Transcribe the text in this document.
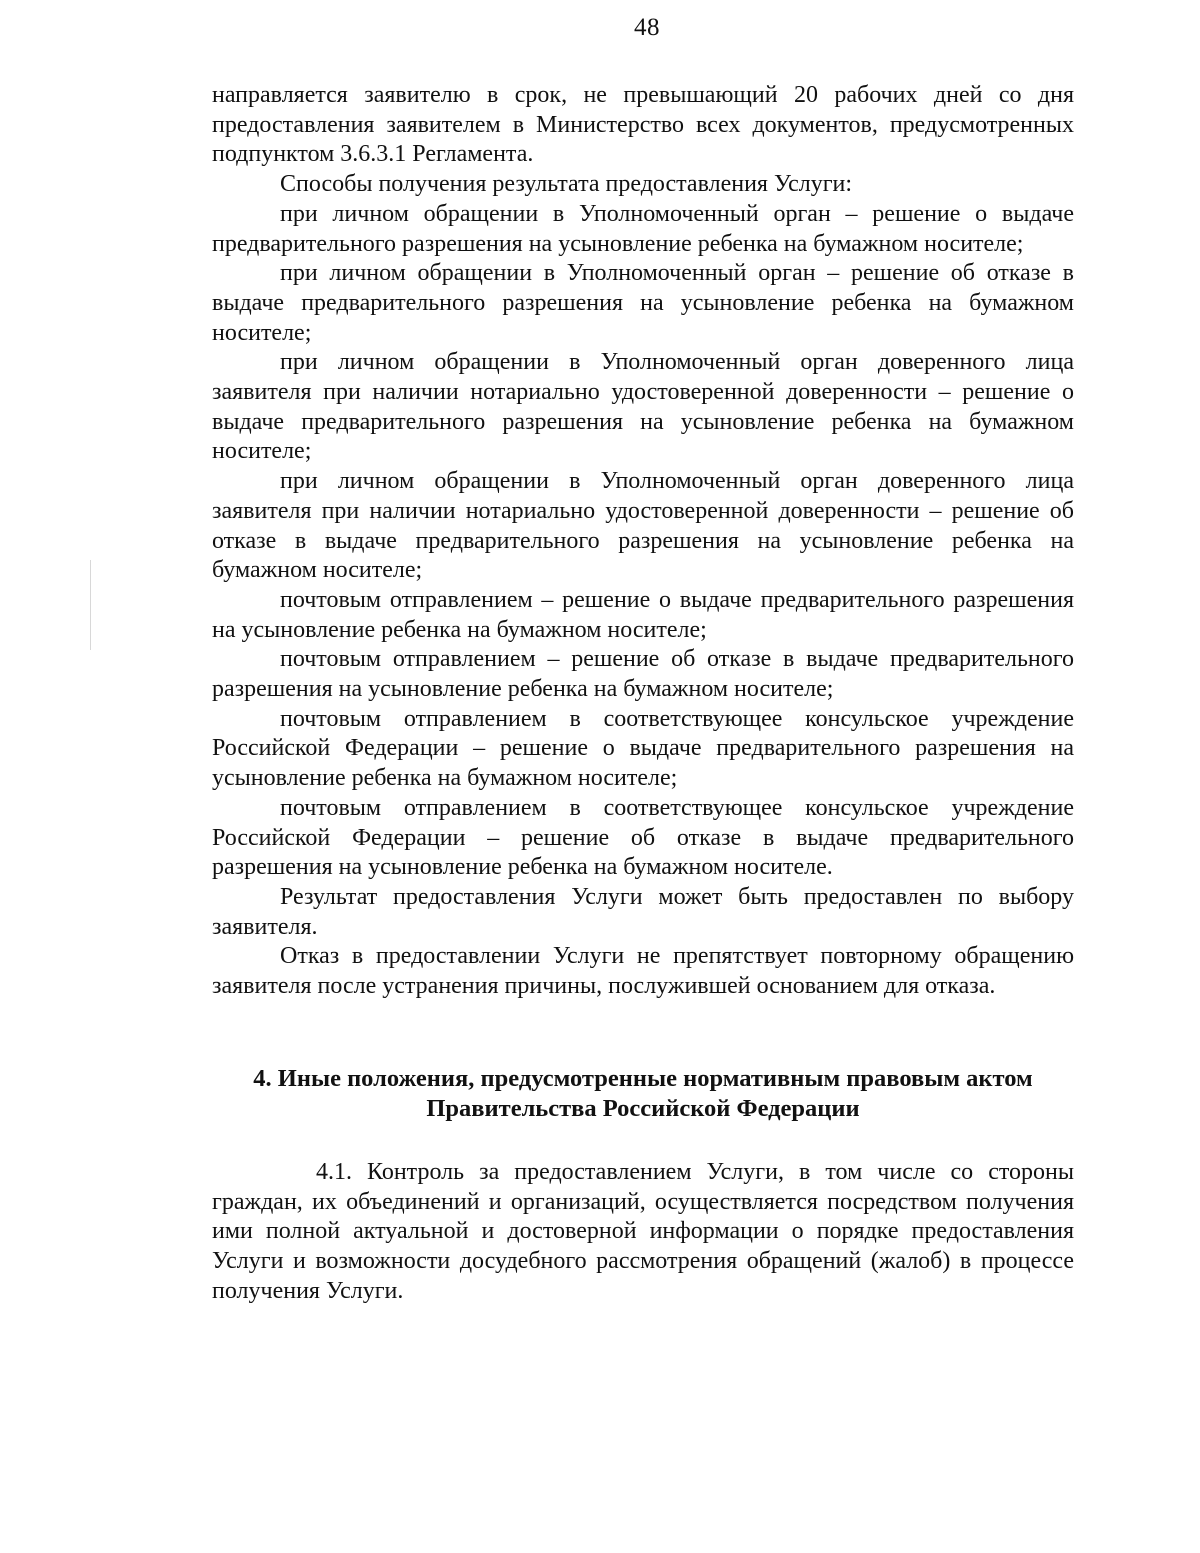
48

направляется заявителю в срок, не превышающий 20 рабочих дней со дня предоставления заявителем в Министерство всех документов, предусмотренных подпунктом 3.6.3.1 Регламента.

Способы получения результата предоставления Услуги:

при личном обращении в Уполномоченный орган – решение о выдаче предварительного разрешения на усыновление ребенка на бумажном носителе;

при личном обращении в Уполномоченный орган – решение об отказе в выдаче предварительного разрешения на усыновление ребенка на бумажном носителе;

при личном обращении в Уполномоченный орган доверенного лица заявителя при наличии нотариально удостоверенной доверенности – решение о выдаче предварительного разрешения на усыновление ребенка на бумажном носителе;

при личном обращении в Уполномоченный орган доверенного лица заявителя при наличии нотариально удостоверенной доверенности – решение об отказе в выдаче предварительного разрешения на усыновление ребенка на бумажном носителе;

почтовым отправлением – решение о выдаче предварительного разрешения на усыновление ребенка на бумажном носителе;

почтовым отправлением – решение об отказе в выдаче предварительного разрешения на усыновление ребенка на бумажном носителе;

почтовым отправлением в соответствующее консульское учреждение Российской Федерации – решение о выдаче предварительного разрешения на усыновление ребенка на бумажном носителе;

почтовым отправлением в соответствующее консульское учреждение Российской Федерации – решение об отказе в выдаче предварительного разрешения на усыновление ребенка на бумажном носителе.

Результат предоставления Услуги может быть предоставлен по выбору заявителя.

Отказ в предоставлении Услуги не препятствует повторному обращению заявителя после устранения причины, послужившей основанием для отказа.

4. Иные положения, предусмотренные нормативным правовым актом
Правительства Российской Федерации

4.1. Контроль за предоставлением Услуги, в том числе со стороны граждан, их объединений и организаций, осуществляется посредством получения ими полной актуальной и достоверной информации о порядке предоставления Услуги и возможности досудебного рассмотрения обращений (жалоб) в процессе получения Услуги.
